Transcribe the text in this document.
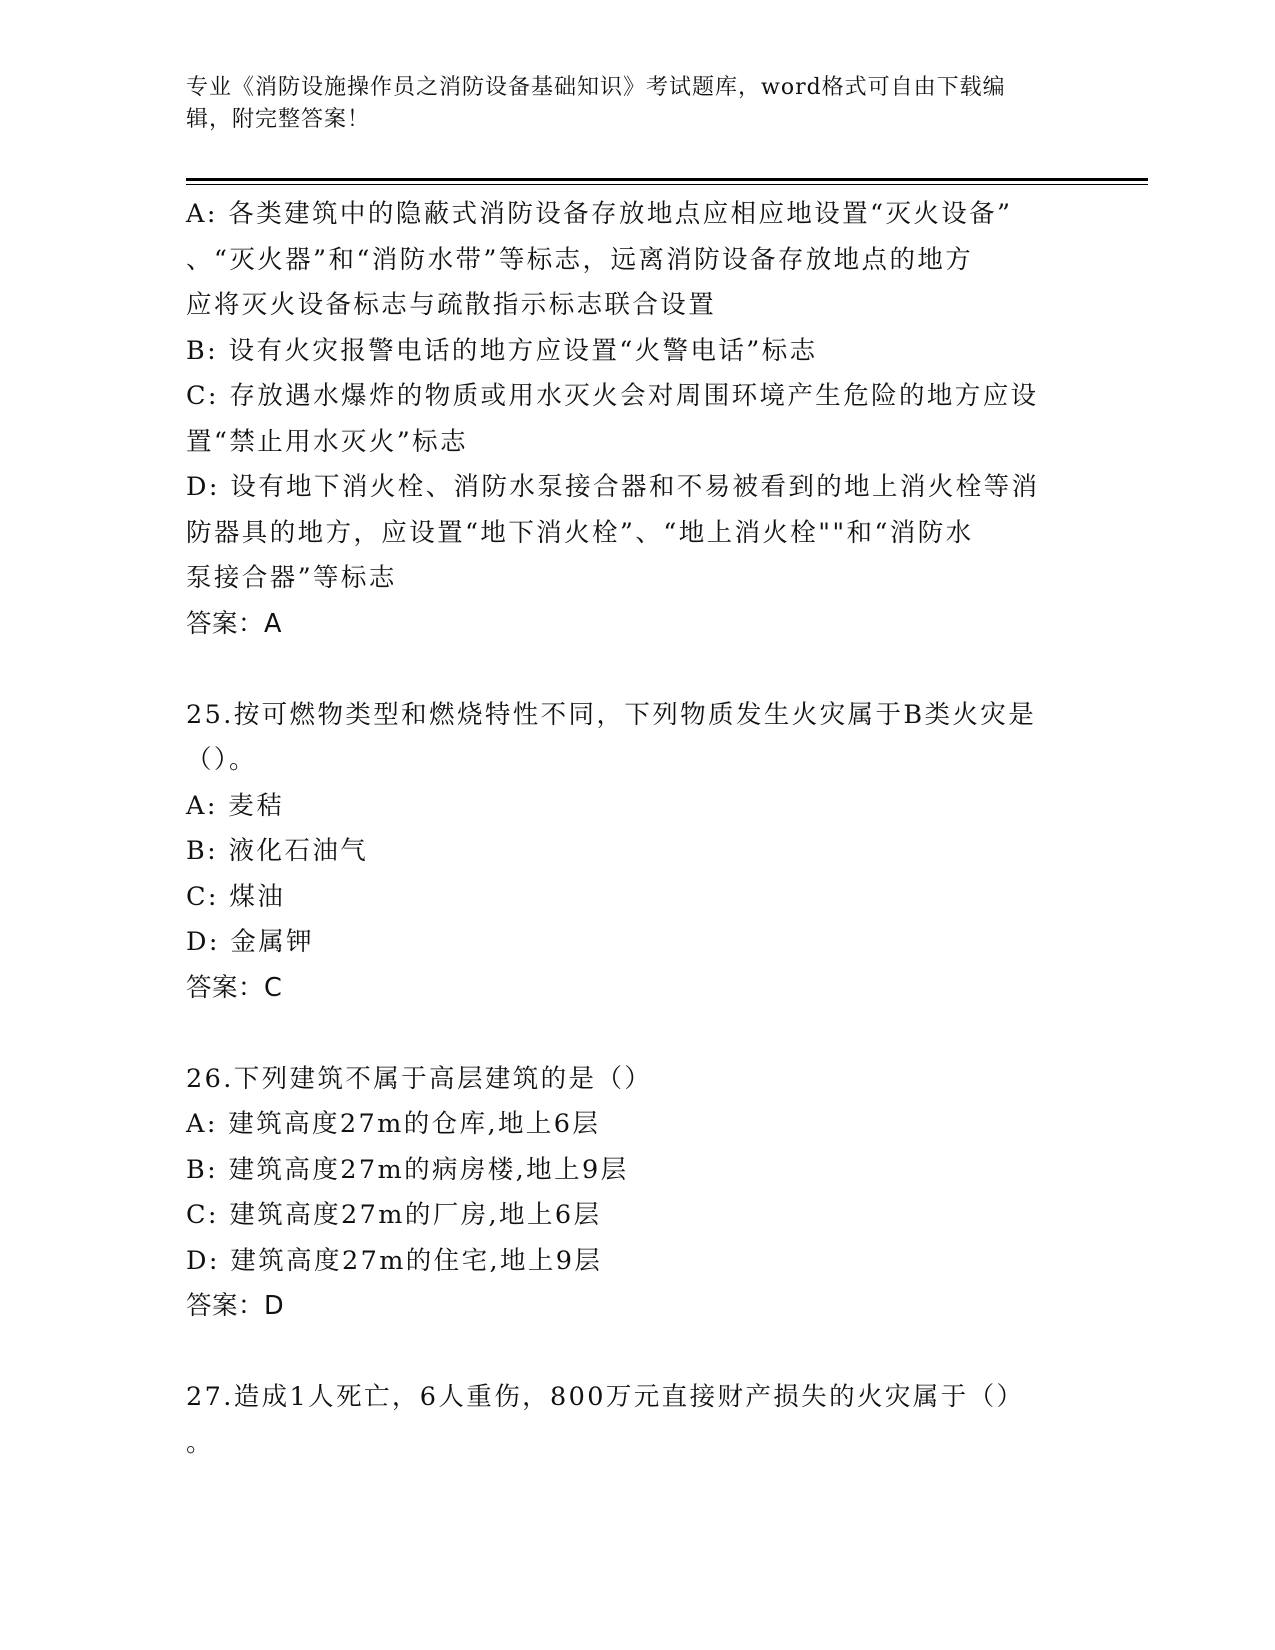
专业《消防设施操作员之消防设备基础知识》考试题库，word格式可自由下载编
辑，附完整答案！
A: 各类建筑中的隐蔽式消防设备存放地点应相应地设置“灭火设备”
、“灭火器”和“消防水带”等标志，远离消防设备存放地点的地方
应将灭火设备标志与疏散指示标志联合设置
B: 设有火灾报警电话的地方应设置“火警电话”标志
C: 存放遇水爆炸的物质或用水灭火会对周围环境产生危险的地方应设
置“禁止用水灭火”标志
D: 设有地下消火栓、消防水泵接合器和不易被看到的地上消火栓等消
防器具的地方，应设置“地下消火栓”、“地上消火栓""和“消防水
泵接合器”等标志
答案：A
25.按可燃物类型和燃烧特性不同，下列物质发生火灾属于B类火灾是
（）。
A: 麦秸
B: 液化石油气
C: 煤油
D: 金属钾
答案：C
26.下列建筑不属于高层建筑的是（）
A: 建筑高度27m的仓库,地上6层
B: 建筑高度27m的病房楼,地上9层
C: 建筑高度27m的厂房,地上6层
D: 建筑高度27m的住宅,地上9层
答案：D
27.造成1人死亡，6人重伤，800万元直接财产损失的火灾属于（）
。
